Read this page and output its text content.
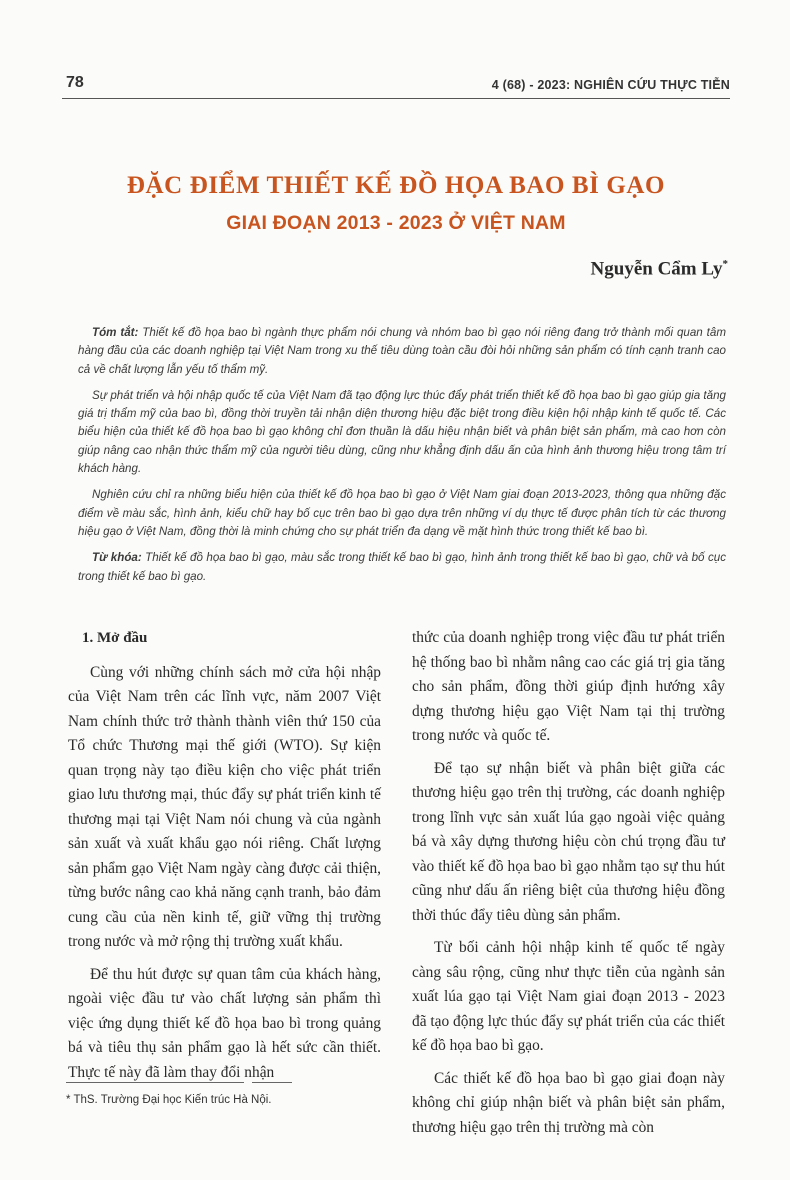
78	4 (68) - 2023: NGHIÊN CỨU THỰC TIỄN
ĐẶC ĐIỂM THIẾT KẾ ĐỒ HỌA BAO BÌ GẠO
GIAI ĐOẠN 2013 - 2023 Ở VIỆT NAM
Nguyễn Cẩm Ly*

Tóm tắt: Thiết kế đồ họa bao bì ngành thực phẩm nói chung và nhóm bao bì gạo nói riêng đang trở thành mối quan tâm hàng đầu của các doanh nghiệp tại Việt Nam trong xu thế tiêu dùng toàn cầu đòi hỏi những sản phẩm có tính cạnh tranh cao cả về chất lượng lẫn yếu tố thẩm mỹ.

Sự phát triển và hội nhập quốc tế của Việt Nam đã tạo động lực thúc đẩy phát triển thiết kế đồ họa bao bì gạo giúp gia tăng giá trị thẩm mỹ của bao bì, đồng thời truyền tải nhận diện thương hiệu đặc biệt trong điều kiện hội nhập kinh tế quốc tế. Các biểu hiện của thiết kế đồ họa bao bì gạo không chỉ đơn thuần là dấu hiệu nhận biết và phân biệt sản phẩm, mà cao hơn còn giúp nâng cao nhận thức thẩm mỹ của người tiêu dùng, cũng như khẳng định dấu ấn của hình ảnh thương hiệu trong tâm trí khách hàng.

Nghiên cứu chỉ ra những biểu hiện của thiết kế đồ họa bao bì gạo ở Việt Nam giai đoạn 2013-2023, thông qua những đặc điểm về màu sắc, hình ảnh, kiểu chữ hay bố cục trên bao bì gạo dựa trên những ví dụ thực tế được phân tích từ các thương hiệu gạo ở Việt Nam, đồng thời là minh chứng cho sự phát triển đa dạng về mặt hình thức trong thiết kế bao bì.

Từ khóa: Thiết kế đồ họa bao bì gạo, màu sắc trong thiết kế bao bì gạo, hình ảnh trong thiết kế bao bì gạo, chữ và bố cục trong thiết kế bao bì gạo.

1. Mở đầu

Cùng với những chính sách mở cửa hội nhập của Việt Nam trên các lĩnh vực, năm 2007 Việt Nam chính thức trở thành thành viên thứ 150 của Tổ chức Thương mại thế giới (WTO). Sự kiện quan trọng này tạo điều kiện cho việc phát triển giao lưu thương mại, thúc đẩy sự phát triển kinh tế thương mại tại Việt Nam nói chung và của ngành sản xuất và xuất khẩu gạo nói riêng. Chất lượng sản phẩm gạo Việt Nam ngày càng được cải thiện, từng bước nâng cao khả năng cạnh tranh, bảo đảm cung cầu của nền kinh tế, giữ vững thị trường trong nước và mở rộng thị trường xuất khẩu.

Để thu hút được sự quan tâm của khách hàng, ngoài việc đầu tư vào chất lượng sản phẩm thì việc ứng dụng thiết kế đồ họa bao bì trong quảng bá và tiêu thụ sản phẩm gạo là hết sức cần thiết. Thực tế này đã làm thay đổi nhận

thức của doanh nghiệp trong việc đầu tư phát triển hệ thống bao bì nhằm nâng cao các giá trị gia tăng cho sản phẩm, đồng thời giúp định hướng xây dựng thương hiệu gạo Việt Nam tại thị trường trong nước và quốc tế.

Để tạo sự nhận biết và phân biệt giữa các thương hiệu gạo trên thị trường, các doanh nghiệp trong lĩnh vực sản xuất lúa gạo ngoài việc quảng bá và xây dựng thương hiệu còn chú trọng đầu tư vào thiết kế đồ họa bao bì gạo nhằm tạo sự thu hút cũng như dấu ấn riêng biệt của thương hiệu đồng thời thúc đẩy tiêu dùng sản phẩm.

Từ bối cảnh hội nhập kinh tế quốc tế ngày càng sâu rộng, cũng như thực tiễn của ngành sản xuất lúa gạo tại Việt Nam giai đoạn 2013 - 2023 đã tạo động lực thúc đẩy sự phát triển của các thiết kế đồ họa bao bì gạo.

Các thiết kế đồ họa bao bì gạo giai đoạn này không chỉ giúp nhận biết và phân biệt sản phẩm, thương hiệu gạo trên thị trường mà còn

* ThS. Trường Đại học Kiến trúc Hà Nội.
